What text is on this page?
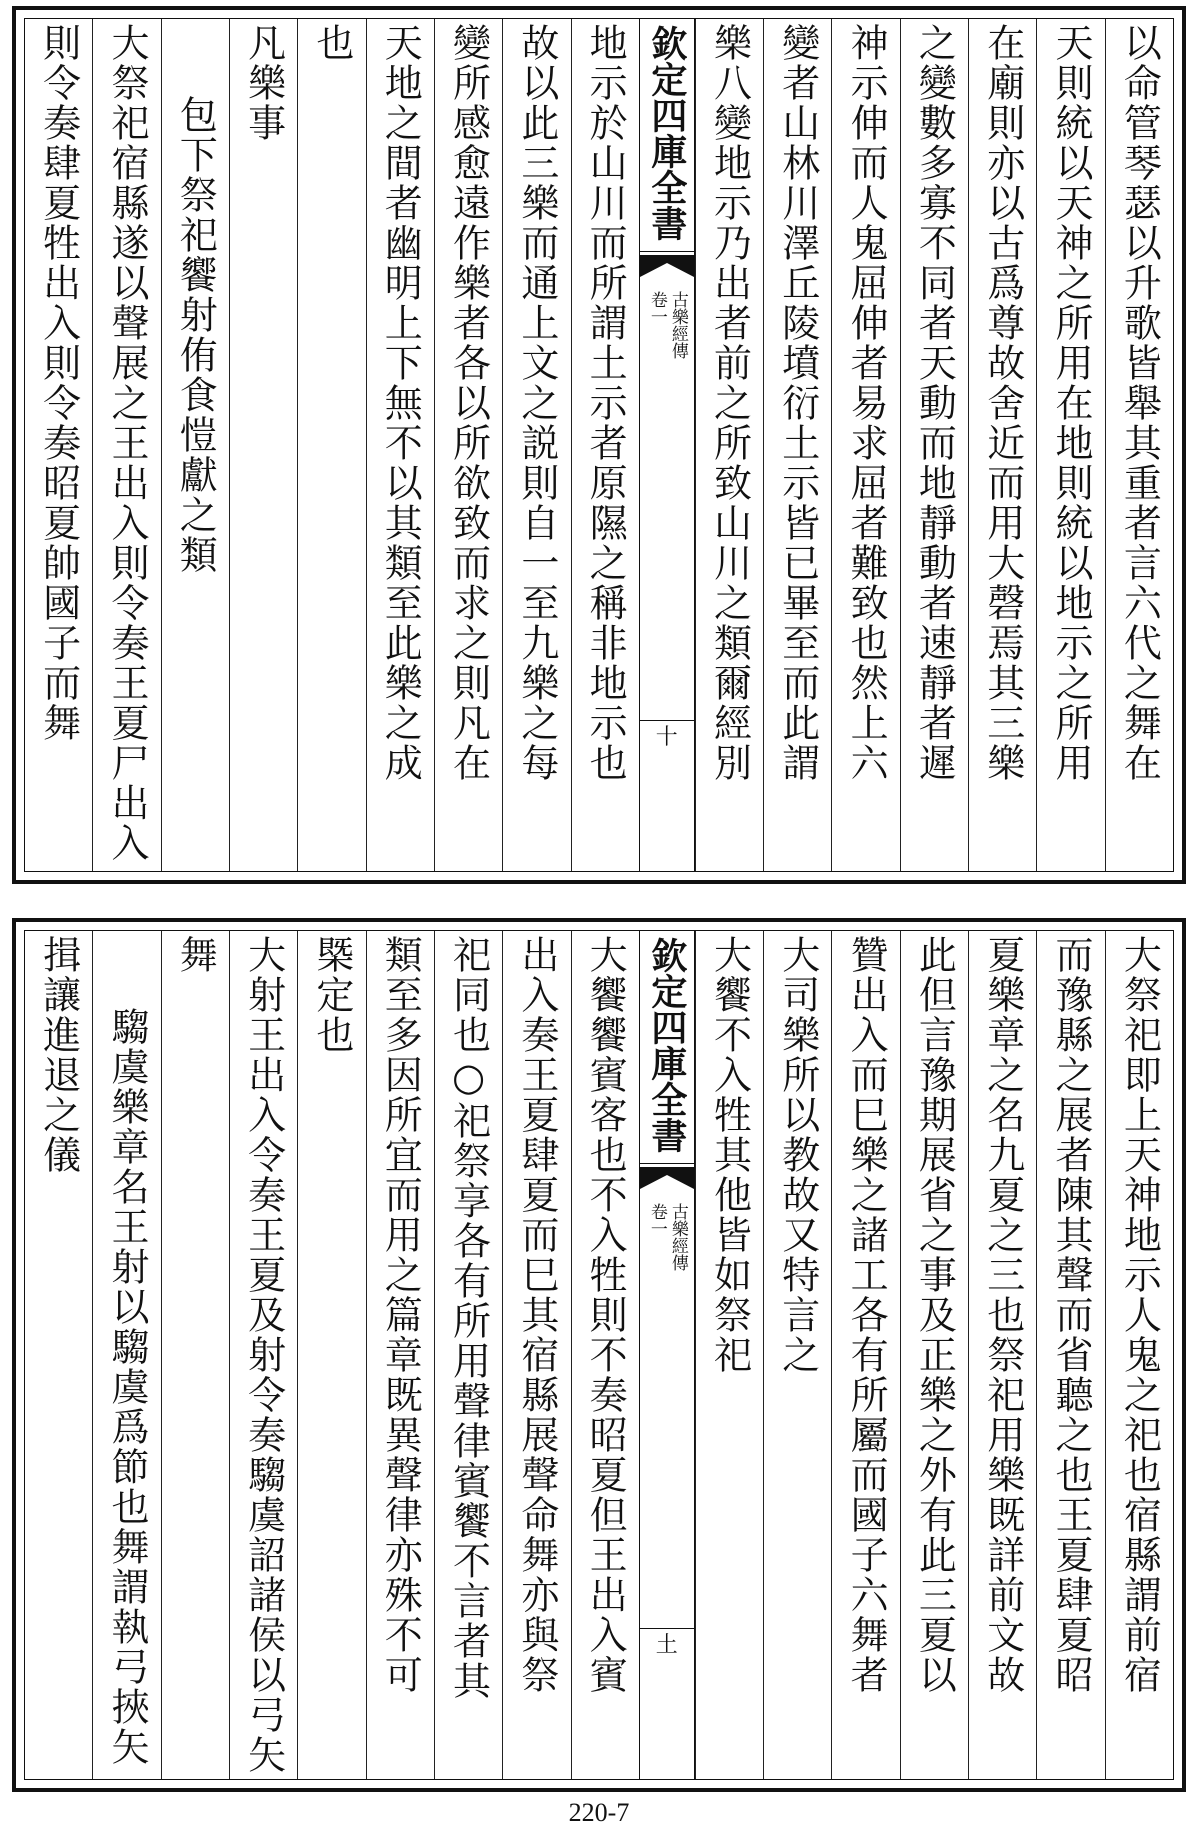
以命管琴瑟以升歌皆舉其重者言六代之舞在
天則統以天神之所用在地則統以地示之所用
在廟則亦以古爲尊故舍近而用大磬焉其三樂
之變數多寡不同者天動而地靜動者速靜者遲
神示伸而人鬼屈伸者易求屈者難致也然上六
變者山林川澤丘陵墳衍土示皆已畢至而此謂
樂八變地示乃出者前之所致山川之類爾經別
欽定四庫全書
古樂經傳
卷一
十
地示於山川而所謂土示者原隰之稱非地示也
故以此三樂而通上文之説則自一至九樂之每
變所感愈遠作樂者各以所欲致而求之則凡在
天地之間者幽明上下無不以其類至此樂之成
也
凡樂事
包下祭祀饗射侑食愷獻之類
大祭祀宿縣遂以聲展之王出入則令奏王夏尸出入
則令奏肆夏牲出入則令奏昭夏帥國子而舞
大祭祀即上天神地示人鬼之祀也宿縣謂前宿
而豫縣之展者陳其聲而省聽之也王夏肆夏昭
夏樂章之名九夏之三也祭祀用樂既詳前文故
此但言豫期展省之事及正樂之外有此三夏以
贊出入而巳樂之諸工各有所屬而國子六舞者
大司樂所以教故又特言之
大饗不入牲其他皆如祭祀
欽定四庫全書
古樂經傳
卷一
土
大饗饗賓客也不入牲則不奏昭夏但王出入賓
出入奏王夏肆夏而巳其宿縣展聲命舞亦與祭
祀同也○祀祭享各有所用聲律賓饗不言者其
類至多因所宜而用之篇章既異聲律亦殊不可
槩定也
大射王出入令奏王夏及射令奏騶虞詔諸侯以弓矢
舞
騶虞樂章名王射以騶虞爲節也舞謂執弓挾矢
揖讓進退之儀
220-7
